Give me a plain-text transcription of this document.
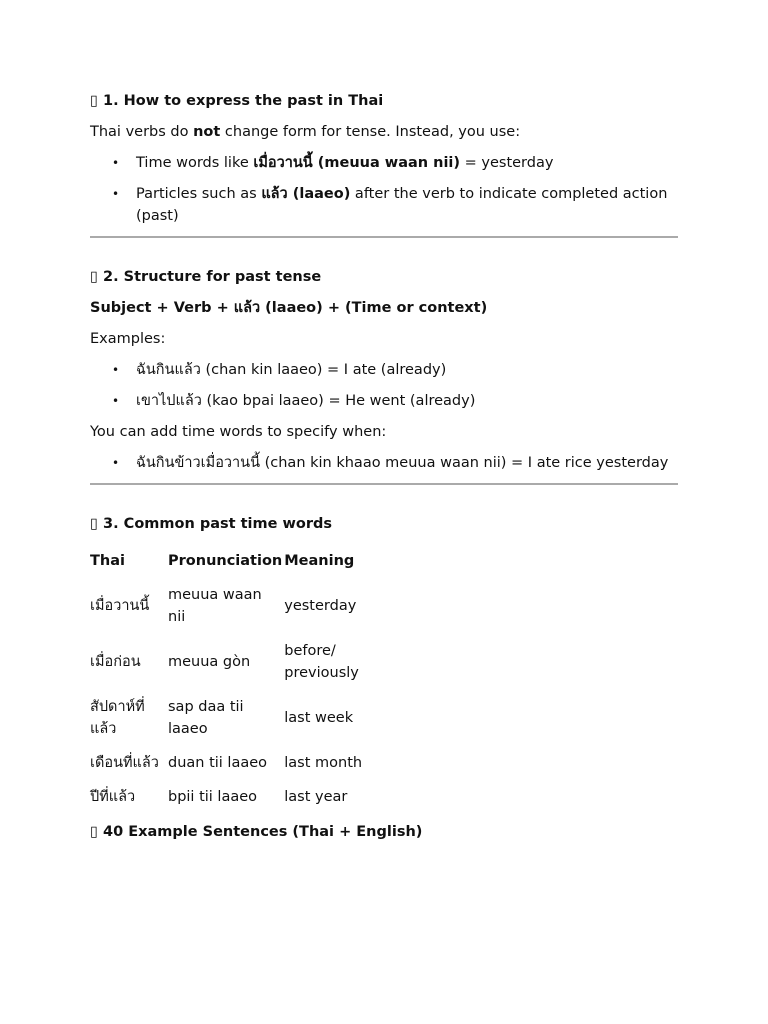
▯ 1. How to express the past in Thai
Thai verbs do not change form for tense. Instead, you use:
• Time words like เมื่อวานนี้ (meuua waan nii) = yesterday
• Particles such as แล้ว (laaeo) after the verb to indicate completed action (past)
▯ 2. Structure for past tense
Subject + Verb + แล้ว (laaeo) + (Time or context)
Examples:
• ฉันกินแล้ว (chan kin laaeo) = I ate (already)
• เขาไปแล้ว (kao bpai laaeo) = He went (already)
You can add time words to specify when:
• ฉันกินข้าวเมื่อวานนี้ (chan kin khaao meuua waan nii) = I ate rice yesterday
▯ 3. Common past time words
Thai	Pronunciation	Meaning
เมื่อวานนี้	meuua waan nii	yesterday
เมื่อก่อน	meuua gòn	before/ previously
สัปดาห์ที่แล้ว	sap daa tii laaeo	last week
เดือนที่แล้ว	duan tii laaeo	last month
ปีที่แล้ว	bpii tii laaeo	last year
▯ 40 Example Sentences (Thai + English)
